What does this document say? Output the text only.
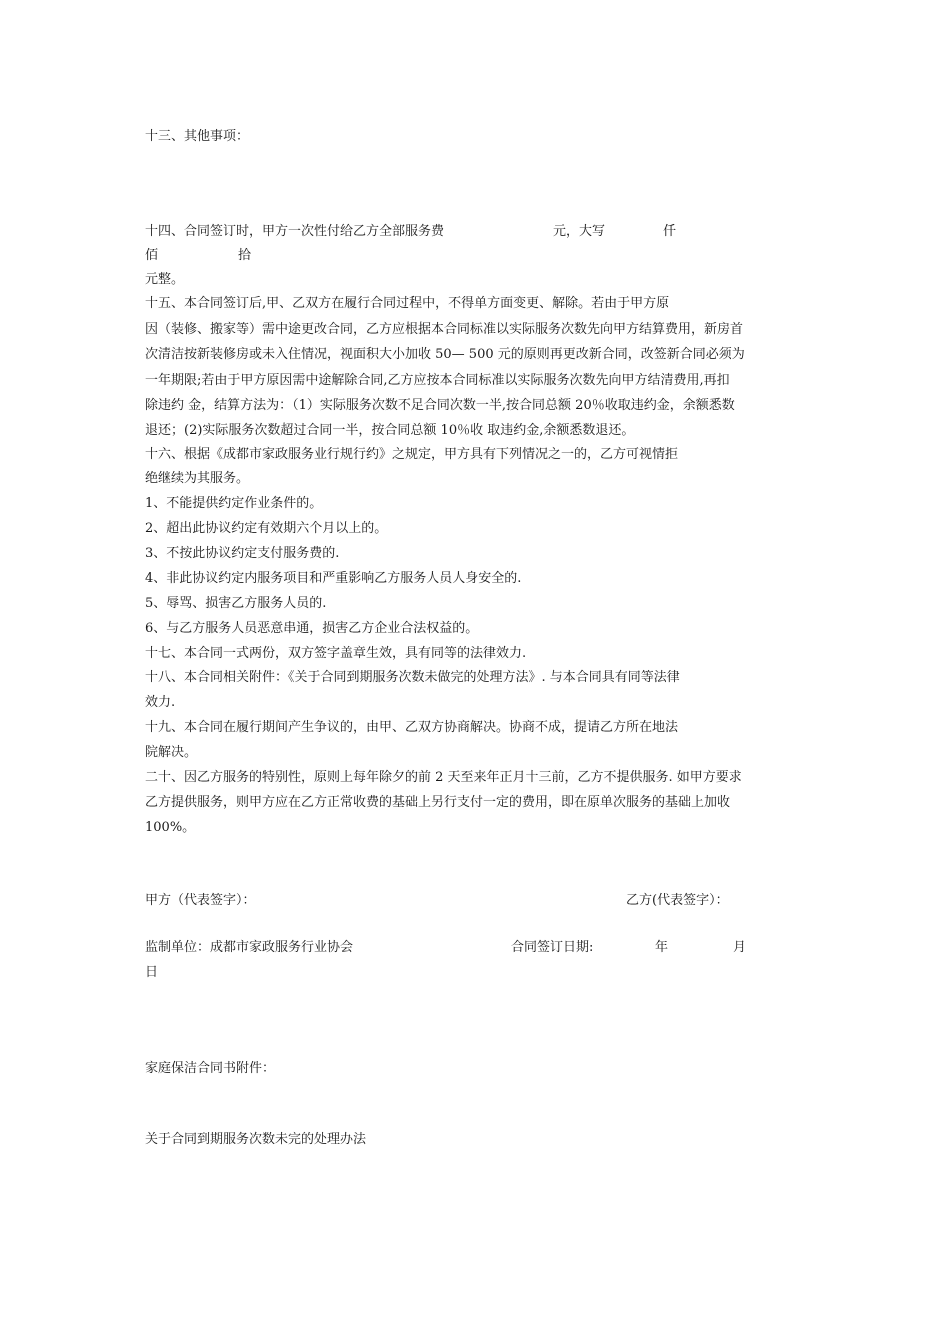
十三、其他事项：
十四、合同签订时，甲方一次性付给乙方全部服务费	元，大写	仟
佰	拾
元整。
十五、本合同签订后,甲、乙双方在履行合同过程中，不得单方面变更、解除。若由于甲方原
因（装修、搬家等）需中途更改合同，乙方应根据本合同标准以实际服务次数先向甲方结算费用，新房首
次清洁按新装修房或未入住情况，视面积大小加收 50— 500 元的原则再更改新合同，改签新合同必须为
一年期限;若由于甲方原因需中途解除合同,乙方应按本合同标准以实际服务次数先向甲方结清费用,再扣
除违约 金，结算方法为：（1）实际服务次数不足合同次数一半,按合同总额 20％收取违约金，余额悉数
退还；(2)实际服务次数超过合同一半，按合同总额 10％收 取违约金,余额悉数退还。
十六、根据《成都市家政服务业行规行约》之规定，甲方具有下列情况之一的，乙方可视情拒
绝继续为其服务。
1、不能提供约定作业条件的。
2、超出此协议约定有效期六个月以上的。
3、不按此协议约定支付服务费的.
4、非此协议约定内服务项目和严重影响乙方服务人员人身安全的.
5、辱骂、损害乙方服务人员的.
6、与乙方服务人员恶意串通，损害乙方企业合法权益的。
十七、本合同一式两份，双方签字盖章生效，具有同等的法律效力.
十八、本合同相关附件：《关于合同到期服务次数未做完的处理方法》. 与本合同具有同等法律
效力.
十九、本合同在履行期间产生争议的，由甲、乙双方协商解决。协商不成，提请乙方所在地法
院解决。
二十、因乙方服务的特别性，原则上每年除夕的前 2 天至来年正月十三前，乙方不提供服务. 如甲方要求
乙方提供服务，则甲方应在乙方正常收费的基础上另行支付一定的费用，即在原单次服务的基础上加收
100%。
甲方（代表签字）：	乙方(代表签字）：
监制单位：成都市家政服务行业协会	合同签订日期:	年	月
日
家庭保洁合同书附件：
关于合同到期服务次数未完的处理办法
